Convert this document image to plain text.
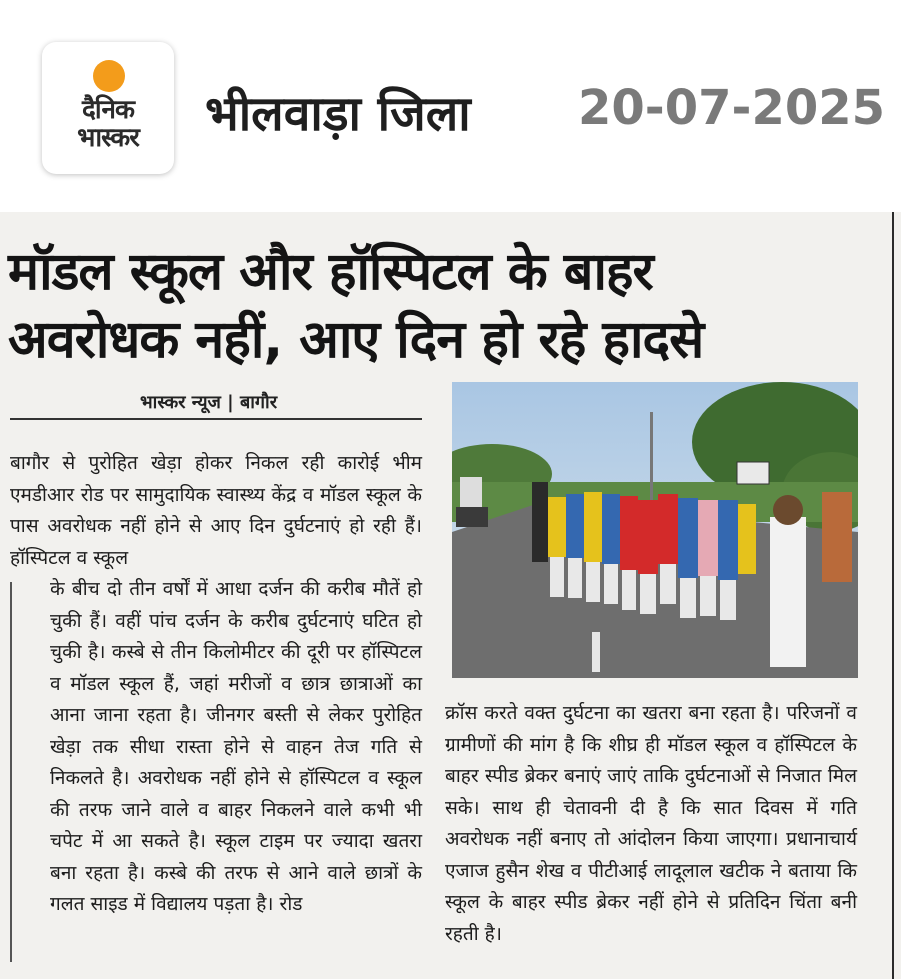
दैनिक
भास्कर	भीलवाड़ा जिला 20-07-2025
मॉडल स्कूल और हॉस्पिटल के बाहर
अवरोधक नहीं, आए दिन हो रहे हादसे
भास्कर न्यूज | बागौर

बागौर से पुरोहित खेड़ा होकर निकल रही कारोई भीम एमडीआर रोड पर सामुदायिक स्वास्थ्य केंद्र व मॉडल स्कूल के पास अवरोधक नहीं होने से आए दिन दुर्घटनाएं हो रही हैं। हॉस्पिटल व स्कूल

के बीच दो तीन वर्षों में आधा दर्जन की करीब मौतें हो चुकी हैं। वहीं पांच दर्जन के करीब दुर्घटनाएं घटित हो चुकी है। कस्बे से तीन किलोमीटर की दूरी पर हॉस्पिटल व मॉडल स्कूल हैं, जहां मरीजों व छात्र छात्राओं का आना जाना रहता है। जीनगर बस्ती से लेकर पुरोहित खेड़ा तक सीधा रास्ता होने से वाहन तेज गति से निकलते है। अवरोधक नहीं होने से हॉस्पिटल व स्कूल की तरफ जाने वाले व बाहर निकलने वाले कभी भी चपेट में आ सकते है। स्कूल टाइम पर ज्यादा खतरा बना रहता है। कस्बे की तरफ से आने वाले छात्रों के गलत साइड में विद्यालय पड़ता है। रोड

क्रॉस करते वक्त दुर्घटना का खतरा बना रहता है। परिजनों व ग्रामीणों की मांग है कि शीघ्र ही मॉडल स्कूल व हॉस्पिटल के बाहर स्पीड ब्रेकर बनाएं जाएं ताकि दुर्घटनाओं से निजात मिल सके। साथ ही चेतावनी दी है कि सात दिवस में गति अवरोधक नहीं बनाए तो आंदोलन किया जाएगा। प्रधानाचार्य एजाज हुसैन शेख व पीटीआई लादूलाल खटीक ने बताया कि स्कूल के बाहर स्पीड ब्रेकर नहीं होने से प्रतिदिन चिंता बनी रहती है।
